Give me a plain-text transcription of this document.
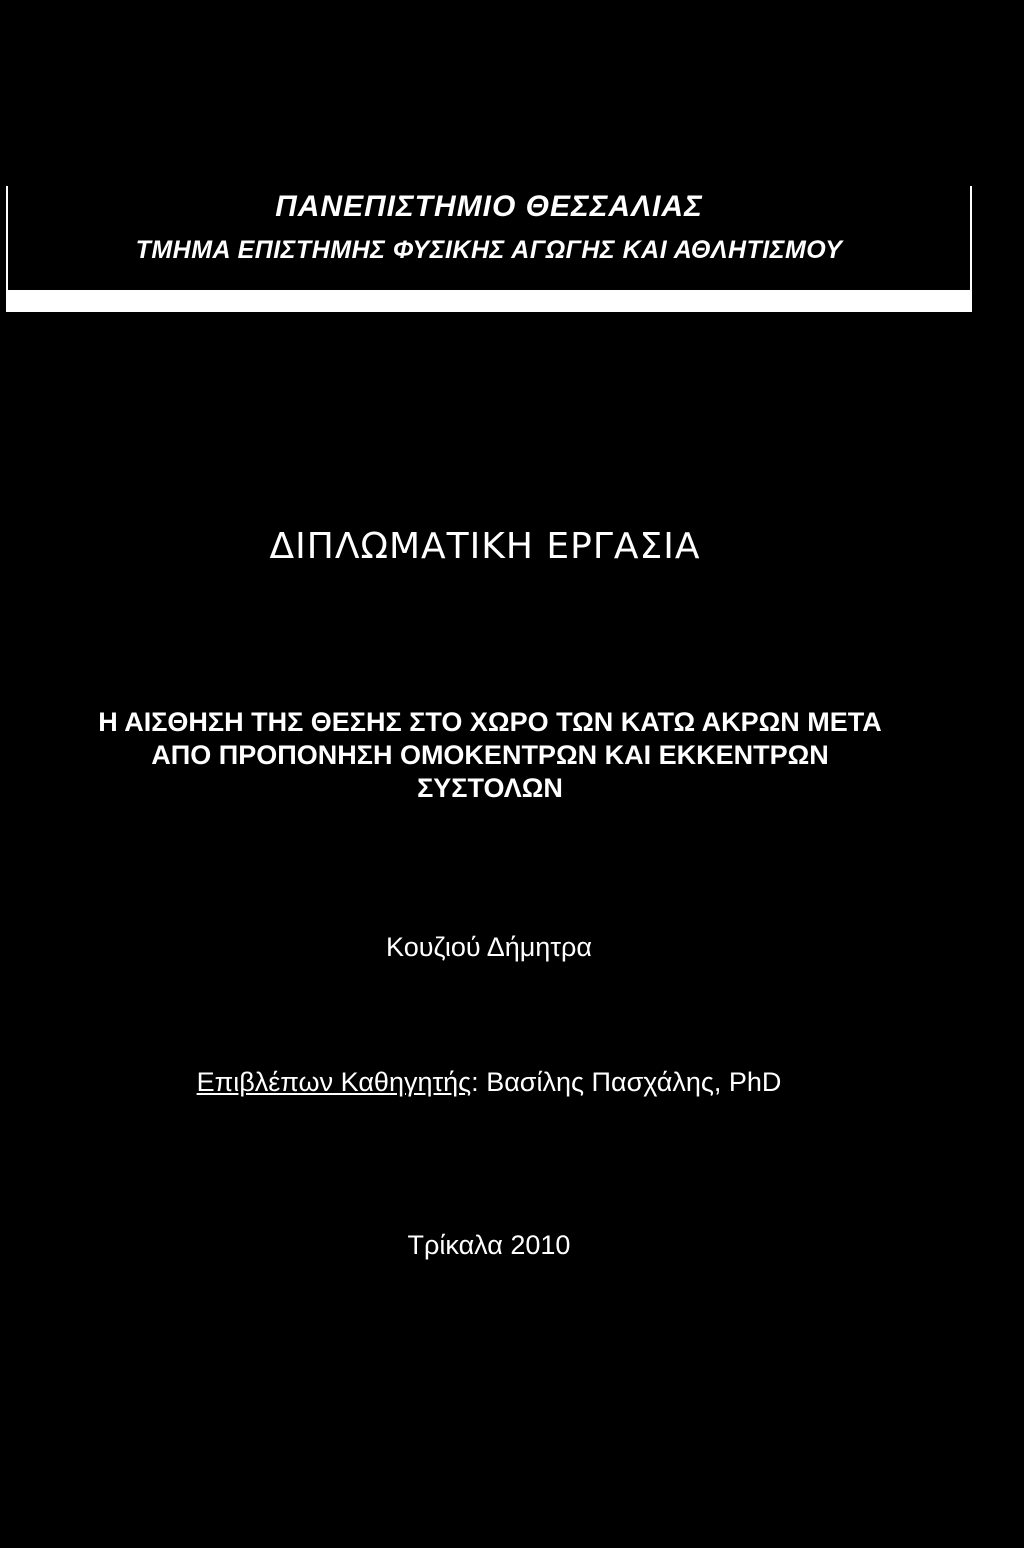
ΠΑΝΕΠΙΣΤΗΜΙΟ ΘΕΣΣΑΛΙΑΣ
ΤΜΗΜΑ ΕΠΙΣΤΗΜΗΣ ΦΥΣΙΚΗΣ ΑΓΩΓΗΣ ΚΑΙ ΑΘΛΗΤΙΣΜΟΥ
ΔΙΠΛΩΜΑΤΙΚΗ ΕΡΓΑΣΙΑ
Η ΑΙΣΘΗΣΗ ΤΗΣ ΘΕΣΗΣ ΣΤΟ ΧΩΡΟ ΤΩΝ ΚΑΤΩ ΑΚΡΩΝ ΜΕΤΑ
ΑΠΟ ΠΡΟΠΟΝΗΣΗ ΟΜΟΚΕΝΤΡΩΝ ΚΑΙ ΕΚΚΕΝΤΡΩΝ
ΣΥΣΤΟΛΩΝ
Κουζιού Δήμητρα
Επιβλέπων Καθηγητής: Βασίλης Πασχάλης, PhD
Τρίκαλα 2010
